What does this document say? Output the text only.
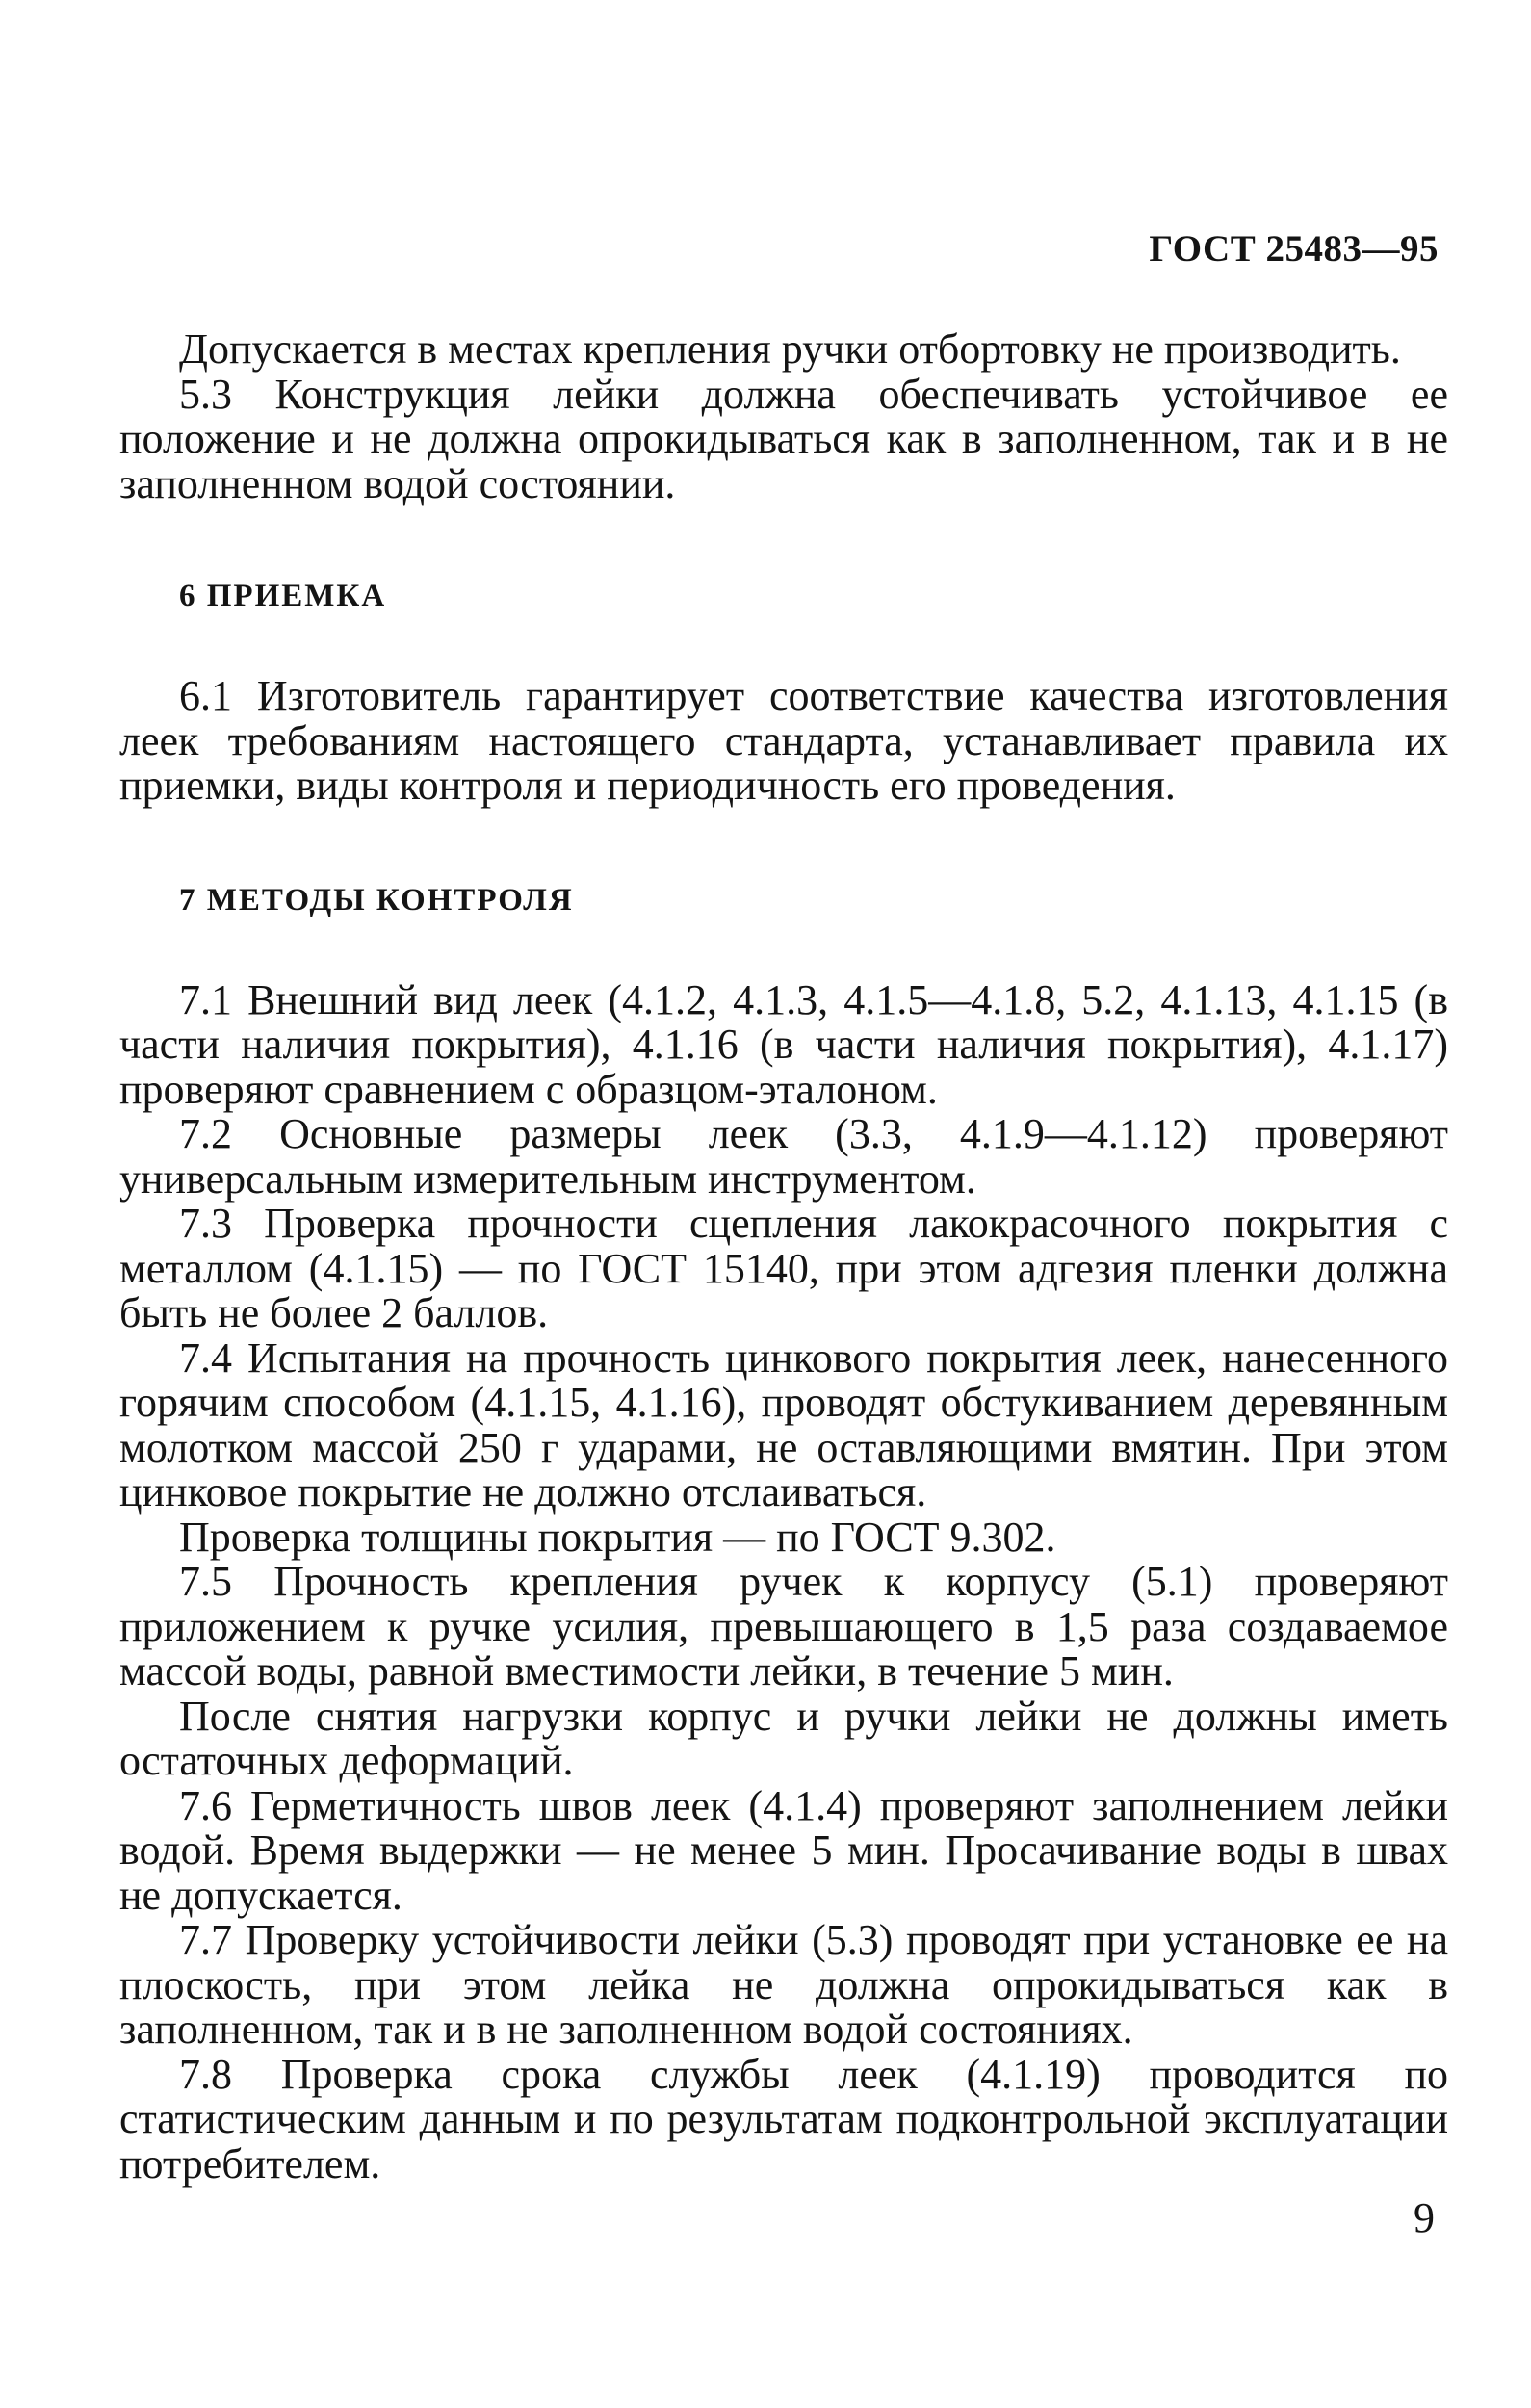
ГОСТ 25483—95

Допускается в местах крепления ручки отбортовку не производить.

5.3 Конструкция лейки должна обеспечивать устойчивое ее положение и не должна опрокидываться как в заполненном, так и в не заполненном водой состоянии.

6 ПРИЕМКА

6.1 Изготовитель гарантирует соответствие качества изготовления леек требованиям настоящего стандарта, устанавливает правила их приемки, виды контроля и периодичность его проведения.

7 МЕТОДЫ КОНТРОЛЯ

7.1 Внешний вид леек (4.1.2, 4.1.3, 4.1.5—4.1.8, 5.2, 4.1.13, 4.1.15 (в части наличия покрытия), 4.1.16 (в части наличия покрытия), 4.1.17) проверяют сравнением с образцом-эталоном.

7.2 Основные размеры леек (3.3, 4.1.9—4.1.12) проверяют универсальным измерительным инструментом.

7.3 Проверка прочности сцепления лакокрасочного покрытия с металлом (4.1.15) — по ГОСТ 15140, при этом адгезия пленки должна быть не более 2 баллов.

7.4 Испытания на прочность цинкового покрытия леек, нанесенного горячим способом (4.1.15, 4.1.16), проводят обстукиванием деревянным молотком массой 250 г ударами, не оставляющими вмятин. При этом цинковое покрытие не должно отслаиваться.

Проверка толщины покрытия — по ГОСТ 9.302.

7.5 Прочность крепления ручек к корпусу (5.1) проверяют приложением к ручке усилия, превышающего в 1,5 раза создаваемое массой воды, равной вместимости лейки, в течение 5 мин.

После снятия нагрузки корпус и ручки лейки не должны иметь остаточных деформаций.

7.6 Герметичность швов леек (4.1.4) проверяют заполнением лейки водой. Время выдержки — не менее 5 мин. Просачивание воды в швах не допускается.

7.7 Проверку устойчивости лейки (5.3) проводят при установке ее на плоскость, при этом лейка не должна опрокидываться как в заполненном, так и в не заполненном водой состояниях.

7.8 Проверка срока службы леек (4.1.19) проводится по статистическим данным и по результатам подконтрольной эксплуатации потребителем.

9
